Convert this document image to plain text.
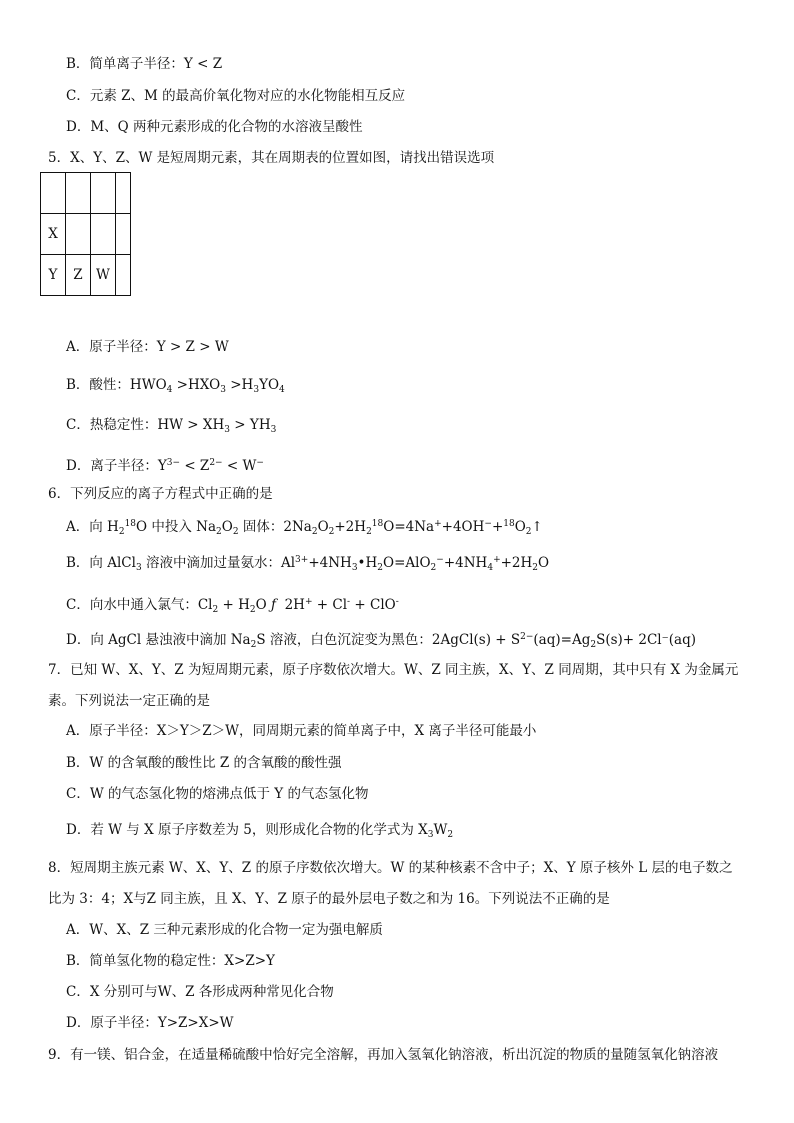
B．简单离子半径：Y < Z
C．元素 Z、M 的最高价氧化物对应的水化物能相互反应
D．M、Q 两种元素形成的化合物的水溶液呈酸性
5．X、Y、Z、W 是短周期元素，其在周期表的位置如图，请找出错误选项

X			
Y	Z	W	
A．原子半径：Y > Z > W
B．酸性：$HWO_4 >HXO_3 >H_3YO_4$
C．热稳定性：HW > $XH_3 > YH_3$
D．离子半径：$Y^{3-} < Z^{2-} < W^-$
6．下列反应的离子方程式中正确的是
A．向 $H_2^{18}O$ 中投入 $Na_2O_2$ 固体：$2Na_2O_2+2H_2^{18}O=4Na^++4OH^-+^{18}O_2↑$
B．向 AlCl$_3$ 溶液中滴加过量氨水：$Al^{3+}+4NH_3•H_2O=AlO_2^-+4NH_4^++2H_2O$
C．向水中通入氯气：$Cl_2 + H_2O$ ƒ  2H+ + Cl- + ClO-
D．向 AgCl 悬浊液中滴加 $Na_2S$ 溶液，白色沉淀变为黑色：2AgCl(s) + $S^{2-}(aq)=Ag_2S(s)+ 2Cl^-(aq)$
7．已知 W、X、Y、Z 为短周期元素，原子序数依次增大。W、Z 同主族，X、Y、Z 同周期，其中只有 X 为金属元
素。下列说法一定正确的是
A．原子半径：X＞Y＞Z＞W，同周期元素的简单离子中，X 离子半径可能最小
B．W 的含氧酸的酸性比 Z 的含氧酸的酸性强
C．W 的气态氢化物的熔沸点低于 Y 的气态氢化物
D．若 W 与 X 原子序数差为 5，则形成化合物的化学式为 $X_3W_2$
8．短周期主族元素 W、X、Y、Z 的原子序数依次增大。W 的某种核素不含中子；X、Y 原子核外 L 层的电子数之
比为 3：4；X与Z 同主族，且 X、Y、Z 原子的最外层电子数之和为 16。下列说法不正确的是
A．W、X、Z 三种元素形成的化合物一定为强电解质
B．简单氢化物的稳定性：X>Z>Y
C．X 分别可与W、Z 各形成两种常见化合物
D．原子半径：Y>Z>X>W
9．有一镁、铝合金，在适量稀硫酸中恰好完全溶解，再加入氢氧化钠溶液，析出沉淀的物质的量随氢氧化钠溶液
